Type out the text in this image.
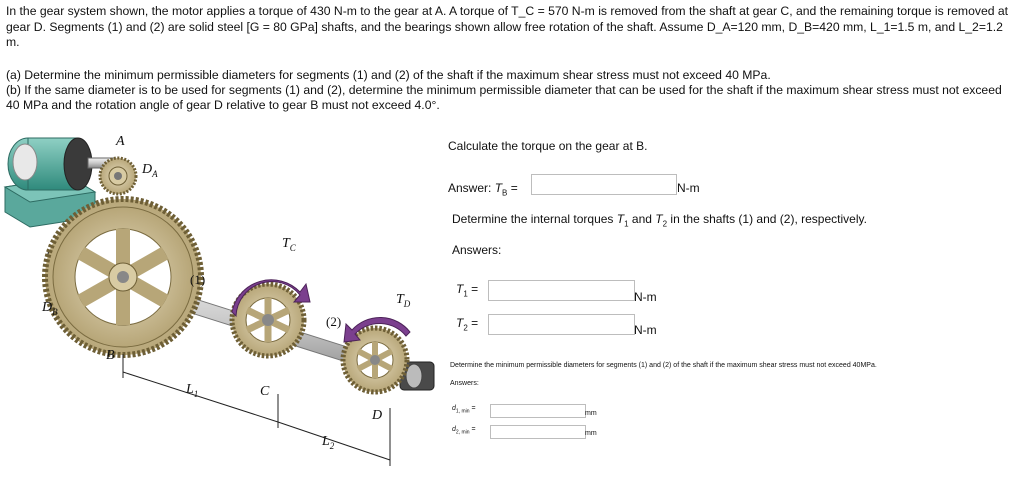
In the gear system shown, the motor applies a torque of 430 N-m to the gear at A. A torque of T_C = 570 N-m is removed from the shaft at gear C, and the remaining torque is removed at gear D. Segments (1) and (2) are solid steel [G = 80 GPa] shafts, and the bearings shown allow free rotation of the shaft. Assume D_A=120 mm, D_B=420 mm, L_1=1.5 m, and L_2=1.2 m.
(a) Determine the minimum permissible diameters for segments (1) and (2) of the shaft if the maximum shear stress must not exceed 40 MPa.
(b) If the same diameter is to be used for segments (1) and (2), determine the minimum permissible diameter that can be used for the shaft if the maximum shear stress must not exceed 40 MPa and the rotation angle of gear D relative to gear B must not exceed 4.0°.
A
$D_A$
$T_C$
(1)
$T_D$
$D_B$
(2)
B
$L_1$	C
D
$L_2$
Calculate the torque on the gear at B.
Answer: $T_B$ =	N-m
Determine the internal torques $T_1$ and $T_2$ in the shafts (1) and (2), respectively.
Answers:
$T_1$ =
N-m
$T_2$ =	N-m
Determine the minimum permissible diameters for segments (1) and (2) of the shaft if the maximum shear stress must not exceed 40MPa.
Answers:
$d_{1, min}$ =
mm
$d_{2, min}$ =
mm
